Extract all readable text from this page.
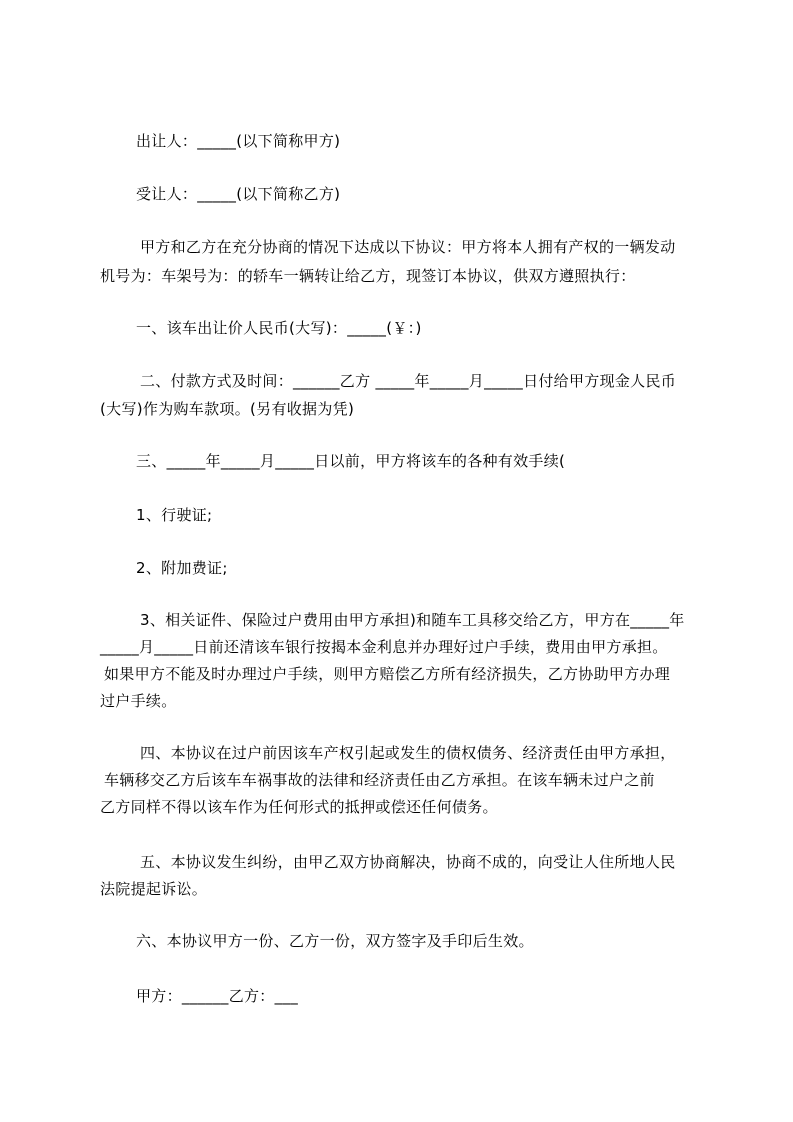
出让人：_____(以下简称甲方)
受让人：_____(以下简称乙方)
甲方和乙方在充分协商的情况下达成以下协议：甲方将本人拥有产权的一辆发动
机号为：车架号为：的轿车一辆转让给乙方，现签订本协议，供双方遵照执行：
一、该车出让价人民币(大写)：_____(￥：)
二、付款方式及时间：______乙方 _____年_____月_____日付给甲方现金人民币
(大写)作为购车款项。(另有收据为凭)
三、_____年_____月_____日以前，甲方将该车的各种有效手续(
1、行驶证;
2、附加费证;
3、相关证件、保险过户费用由甲方承担)和随车工具移交给乙方，甲方在_____年
_____月_____日前还清该车银行按揭本金利息并办理好过户手续，费用由甲方承担。
如果甲方不能及时办理过户手续，则甲方赔偿乙方所有经济损失，乙方协助甲方办理
过户手续。
四、本协议在过户前因该车产权引起或发生的债权债务、经济责任由甲方承担，
车辆移交乙方后该车车祸事故的法律和经济责任由乙方承担。在该车辆未过户之前
乙方同样不得以该车作为任何形式的抵押或偿还任何债务。
五、本协议发生纠纷，由甲乙双方协商解决，协商不成的，向受让人住所地人民
法院提起诉讼。
六、本协议甲方一份、乙方一份，双方签字及手印后生效。
甲方：______乙方：___
